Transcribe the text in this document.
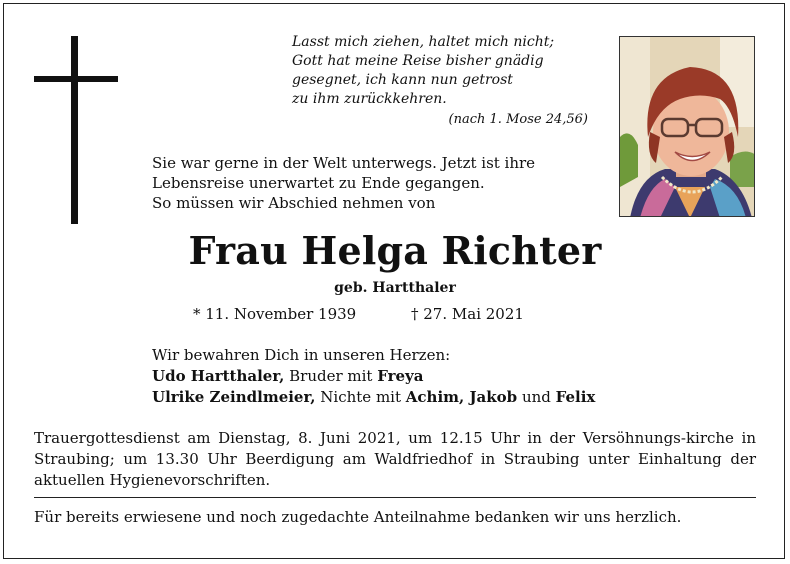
Lasst mich ziehen, haltet mich nicht;
Gott hat meine Reise bisher gnädig
gesegnet, ich kann nun getrost
zu ihm zurückkehren.
(nach 1. Mose 24,56)
Sie war gerne in der Welt unterwegs. Jetzt ist ihre
Lebensreise unerwartet zu Ende gegangen.
So müssen wir Abschied nehmen von
Frau Helga Richter
geb. Hartthaler
* 11. November 1939	† 27. Mai 2021
Wir bewahren Dich in unseren Herzen:
Udo Hartthaler, Bruder mit Freya
Ulrike Zeindlmeier, Nichte mit Achim, Jakob und Felix
Trauergottesdienst am Dienstag, 8. Juni 2021, um 12.15 Uhr in der Versöhnungs-kirche in Straubing; um 13.30 Uhr Beerdigung am Waldfriedhof in Straubing unter Einhaltung der aktuellen Hygienevorschriften.
Für bereits erwiesene und noch zugedachte Anteilnahme bedanken wir uns herzlich.
